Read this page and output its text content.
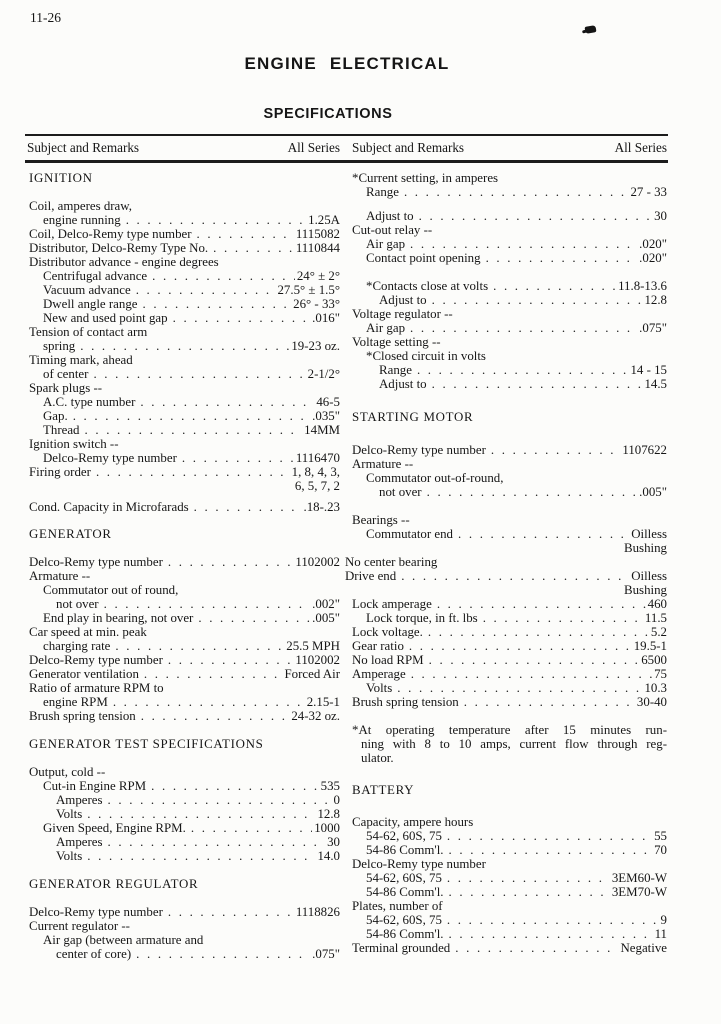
11-26
ENGINE ELECTRICAL
SPECIFICATIONS
Subject and Remarks	All Series Subject and Remarks	All Series
IGNITION
Coil, amperes draw,
engine running . . .	1.25A
Coil, Delco-Remy type number . . .	1115082
Distributor, Delco-Remy Type No. . . .	1110844
Distributor advance - engine degrees
Centrifugal advance . . .	24° ± 2°
Vacuum advance . . .	27.5° ± 1.5°
Dwell angle range . . .	26° - 33°
New and used point gap . . .	.016"
Tension of contact arm
spring . . .	19-23 oz.
Timing mark, ahead
of center . . .	2-1/2°
Spark plugs --
A.C. type number . . .	46-5
Gap. . . .	.035"
Thread . . .	14MM
Ignition switch --
Delco-Remy type number . . .	1116470
Firing order . . .	1, 8, 4, 3,
6, 5, 7, 2
Cond. Capacity in Microfarads . . .	.18-.23
GENERATOR
Delco-Remy type number . . .	1102002
Armature --
Commutator out of round,
not over . . .	.002"
End play in bearing, not over . . .	.005"
Car speed at min. peak
charging rate . . .	25.5 MPH
Delco-Remy type number . . .	1102002
Generator ventilation . . .	Forced Air
Ratio of armature RPM to
engine RPM . . .	2.15-1
Brush spring tension . . .	24-32 oz.
GENERATOR TEST SPECIFICATIONS
Output, cold --
Cut-in Engine RPM . . .	535
Amperes . . .	0
Volts . . .	12.8
Given Speed, Engine RPM. . . .	1000
Amperes . . .	30
Volts . . .	14.0
GENERATOR REGULATOR
Delco-Remy type number . . .	1118826
Current regulator --
Air gap (between armature and
center of core) . . .	.075"
*Current setting, in amperes
Range . . .	27 - 33
Adjust to . . .	30
Cut-out relay --
Air gap . . .	.020"
Contact point opening . . .	.020"
*Contacts close at volts . . .	11.8-13.6
Adjust to . . .	12.8
Voltage regulator --
Air gap . . .	.075"
Voltage setting --
*Closed circuit in volts
Range . . .	14 - 15
Adjust to . . .	14.5
STARTING MOTOR
Delco-Remy type number . . .	1107622
Armature --
Commutator out-of-round,
not over . . .	.005"
Bearings --
Commutator end . . .	Oilless
Bushing
No center bearing
Drive end . . .	Oilless
Bushing
Lock amperage . . .	460
Lock torque, in ft. lbs . . .	11.5
Lock voltage. . . .	5.2
Gear ratio . . .	19.5-1
No load RPM . . .	6500
Amperage . . .	75
Volts . . .	10.3
Brush spring tension . . .	30-40
*At operating temperature after 15 minutes run-
ning with 8 to 10 amps, current flow through reg-
ulator.
BATTERY
Capacity, ampere hours
54-62, 60S, 75 . . .	55
54-86 Comm'l. . . .	70
Delco-Remy type number
54-62, 60S, 75 . . .	3EM60-W
54-86 Comm'l. . . .	3EM70-W
Plates, number of
54-62, 60S, 75 . . .	9
54-86 Comm'l. . . .	11
Terminal grounded . . .	Negative
